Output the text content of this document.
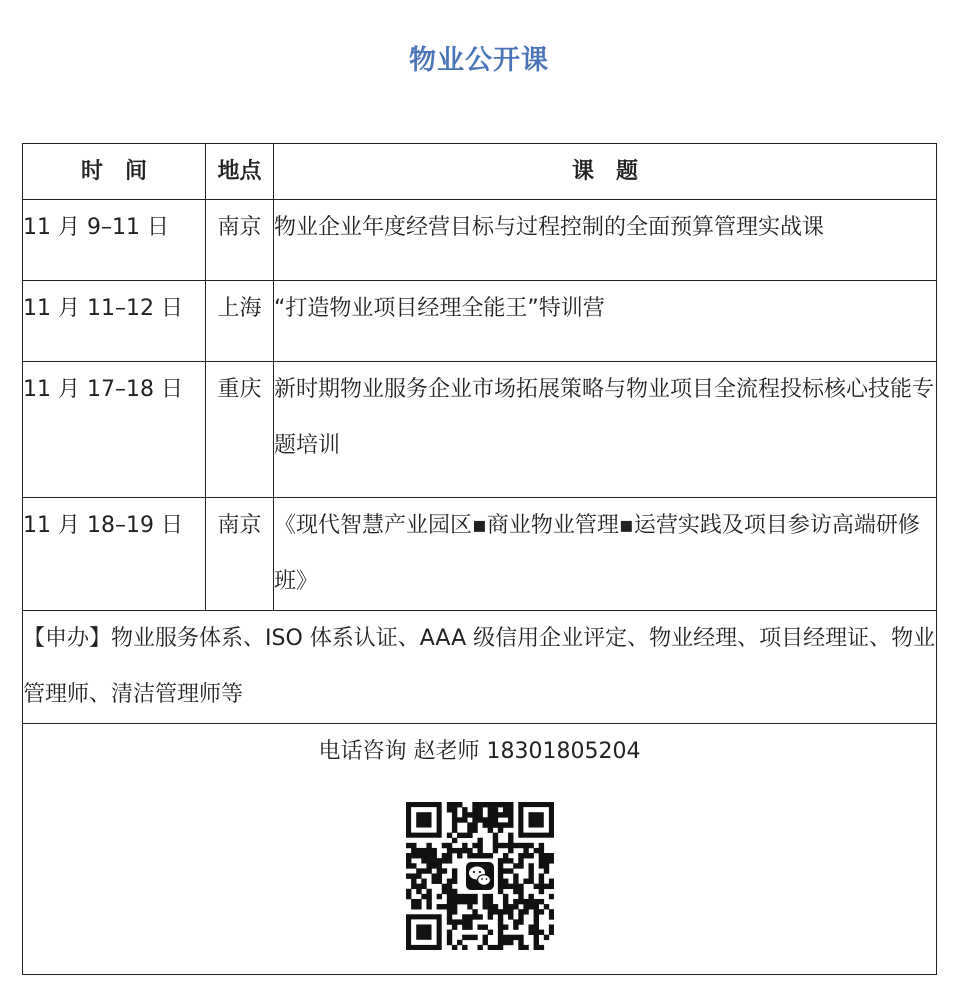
物业公开课
时　间	地点	课　题
11 月 9–11 日	南京	物业企业年度经营目标与过程控制的全面预算管理实战课
11 月 11–12 日	上海	“打造物业项目经理全能王”特训营
11 月 17–18 日	重庆	新时期物业服务企业市场拓展策略与物业项目全流程投标核心技能专题培训
11 月 18–19 日	南京	《现代智慧产业园区▪商业物业管理▪运营实践及项目参访高端研修班》
【申办】物业服务体系、ISO 体系认证、AAA 级信用企业评定、物业经理、项目经理证、物业管理师、清洁管理师等		

电话咨询 赵老师 18301805204		
